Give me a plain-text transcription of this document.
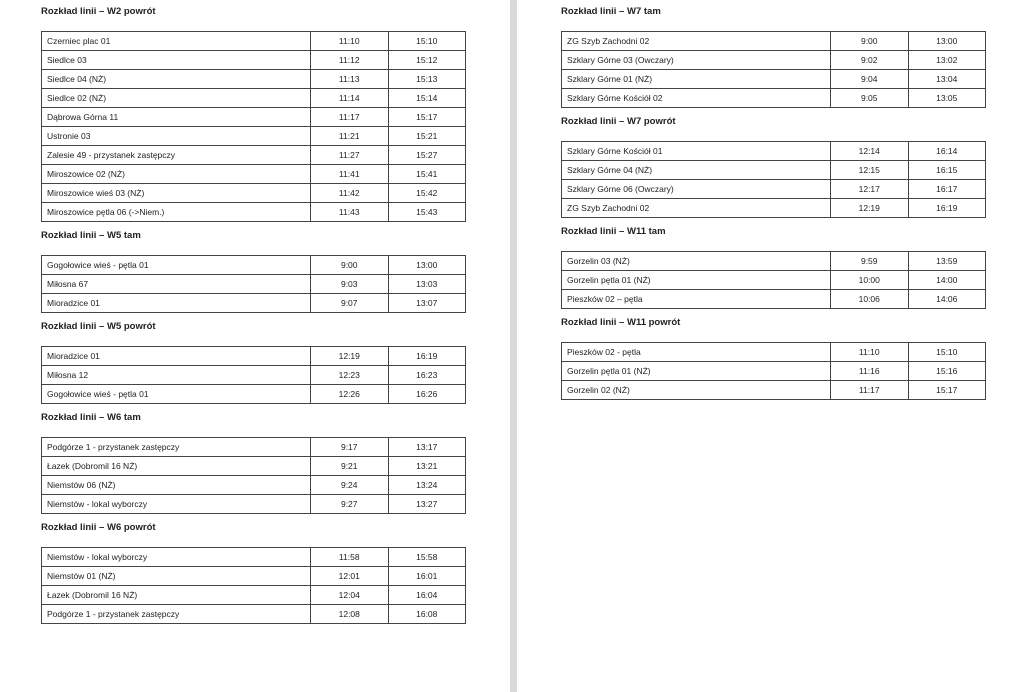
Rozkład linii – W2 powrót
Czerniec plac 01	11:10	15:10
Siedlce 03	11:12	15:12
Siedlce 04 (NŻ)	11:13	15:13
Siedlce 02 (NŻ)	11:14	15:14
Dąbrowa Górna 11	11:17	15:17
Ustronie 03	11:21	15:21
Zalesie 49 - przystanek zastępczy	11:27	15:27
Miroszowice 02 (NŻ)	11:41	15:41
Miroszowice wieś 03 (NŻ)	11:42	15:42
Miroszowice pętla 06 (->Niem.)	11:43	15:43
Rozkład linii – W5 tam
Gogołowice wieś - pętla 01	9:00	13:00
Miłosna 67	9:03	13:03
Mioradzice 01	9:07	13:07
Rozkład linii – W5 powrót
Mioradzice 01	12:19	16:19
Miłosna 12	12:23	16:23
Gogołowice wieś - pętla 01	12:26	16:26
Rozkład linii – W6 tam
Podgórze 1 - przystanek zastępczy	9:17	13:17
Łazek (Dobromil 16 NŻ)	9:21	13:21
Niemstów 06 (NŻ)	9:24	13:24
Niemstów - lokal wyborczy	9:27	13:27
Rozkład linii – W6 powrót
Niemstów - lokal wyborczy	11:58	15:58
Niemstów 01 (NŻ)	12:01	16:01
Łazek (Dobromil 16 NŻ)	12:04	16:04
Podgórze 1 - przystanek zastępczy	12:08	16:08
Rozkład linii – W7 tam
ZG Szyb Zachodni 02	9:00	13:00
Szklary Górne 03 (Owczary)	9:02	13:02
Szklary Górne 01 (NŻ)	9:04	13:04
Szklary Górne Kościół 02	9:05	13:05
Rozkład linii – W7 powrót
Szklary Górne Kościół 01	12:14	16:14
Szklary Górne 04 (NŻ)	12:15	16:15
Szklary Górne 06 (Owczary)	12:17	16:17
ZG Szyb Zachodni 02	12:19	16:19
Rozkład linii – W11 tam
Gorzelin 03 (NŻ)	9:59	13:59
Gorzelin pętla 01 (NŻ)	10:00	14:00
Pieszków 02 – pętla	10:06	14:06
Rozkład linii – W11 powrót
Pieszków 02 - pętla	11:10	15:10
Gorzelin pętla 01 (NŻ)	11:16	15:16
Gorzelin 02 (NŻ)	11:17	15:17
